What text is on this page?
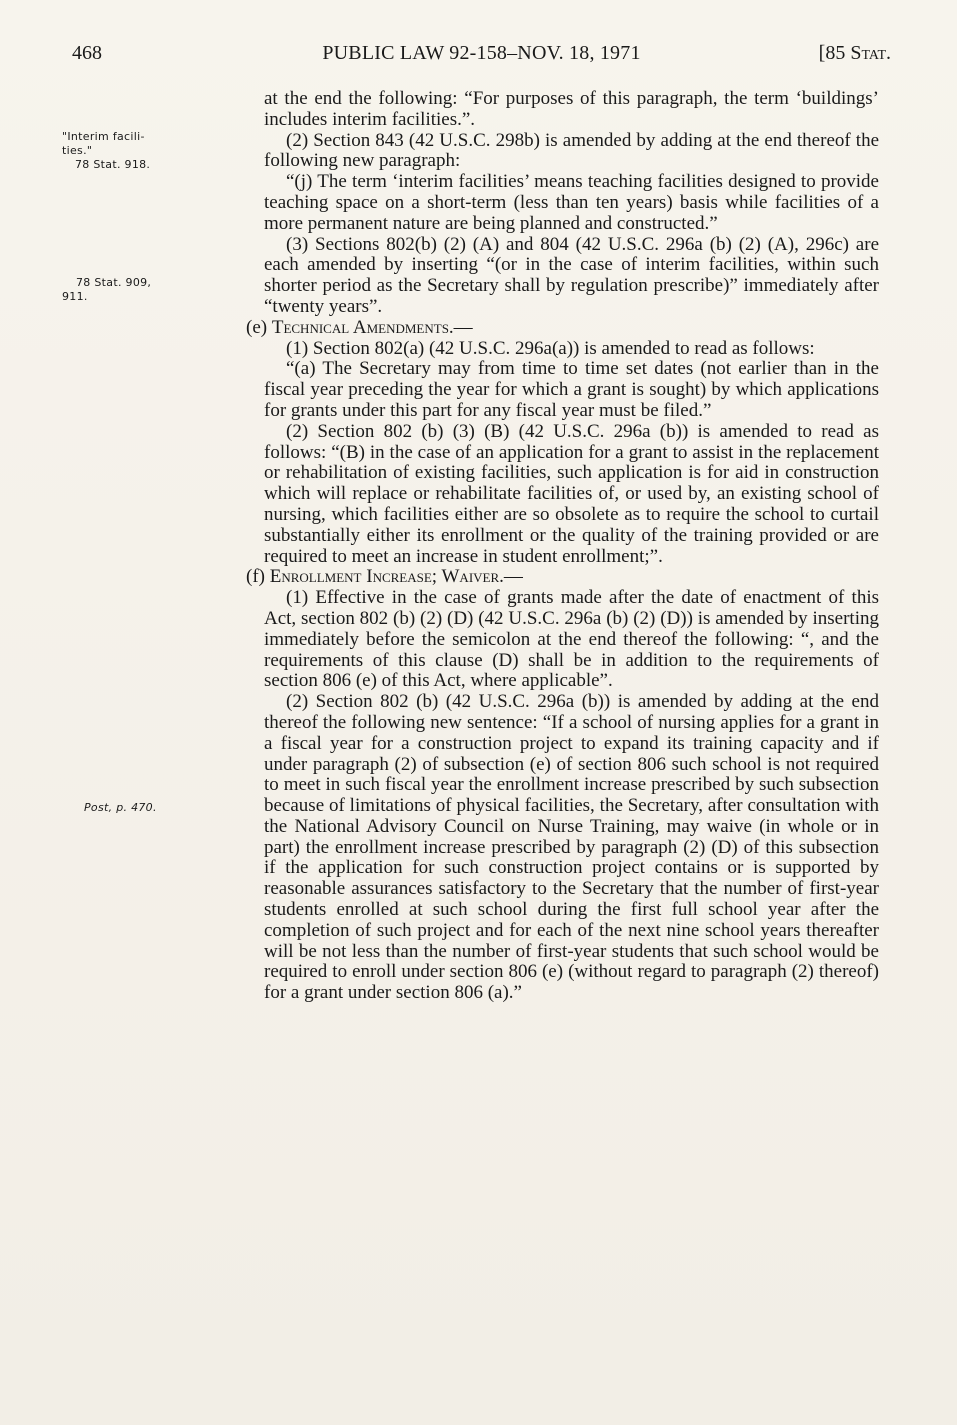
468	PUBLIC LAW 92-158–NOV. 18, 1971	[85 Stat.
"Interim facili-
ties."
78 Stat. 918.
78 Stat. 909,
911.
Post, p. 470.

at the end the following: “For purposes of this paragraph, the term ‘buildings’ includes interim facilities.”.

(2) Section 843 (42 U.S.C. 298b) is amended by adding at the end thereof the following new paragraph:

“(j) The term ‘interim facilities’ means teaching facilities designed to provide teaching space on a short-term (less than ten years) basis while facilities of a more permanent nature are being planned and constructed.”

(3) Sections 802(b) (2) (A) and 804 (42 U.S.C. 296a (b) (2) (A), 296c) are each amended by inserting “(or in the case of interim facilities, within such shorter period as the Secretary shall by regulation prescribe)” immediately after “twenty years”.

(e) Technical Amendments.—

(1) Section 802(a) (42 U.S.C. 296a(a)) is amended to read as follows:

“(a) The Secretary may from time to time set dates (not earlier than in the fiscal year preceding the year for which a grant is sought) by which applications for grants under this part for any fiscal year must be filed.”

(2) Section 802 (b) (3) (B) (42 U.S.C. 296a (b)) is amended to read as follows: “(B) in the case of an application for a grant to assist in the replacement or rehabilitation of existing facilities, such application is for aid in construction which will replace or rehabilitate facilities of, or used by, an existing school of nursing, which facilities either are so obsolete as to require the school to curtail substantially either its enrollment or the quality of the training provided or are required to meet an increase in student enrollment;”.

(f) Enrollment Increase; Waiver.—

(1) Effective in the case of grants made after the date of enactment of this Act, section 802 (b) (2) (D) (42 U.S.C. 296a (b) (2) (D)) is amended by inserting immediately before the semicolon at the end thereof the following: “, and the requirements of this clause (D) shall be in addition to the requirements of section 806 (e) of this Act, where applicable”.

(2) Section 802 (b) (42 U.S.C. 296a (b)) is amended by adding at the end thereof the following new sentence: “If a school of nursing applies for a grant in a fiscal year for a construction project to expand its training capacity and if under paragraph (2) of subsection (e) of section 806 such school is not required to meet in such fiscal year the enrollment increase prescribed by such subsection because of limitations of physical facilities, the Secretary, after consultation with the National Advisory Council on Nurse Training, may waive (in whole or in part) the enrollment increase prescribed by paragraph (2) (D) of this subsection if the application for such construction project contains or is supported by reasonable assurances satisfactory to the Secretary that the number of first-year students enrolled at such school during the first full school year after the completion of such project and for each of the next nine school years thereafter will be not less than the number of first-year students that such school would be required to enroll under section 806 (e) (without regard to paragraph (2) thereof) for a grant under section 806 (a).”
